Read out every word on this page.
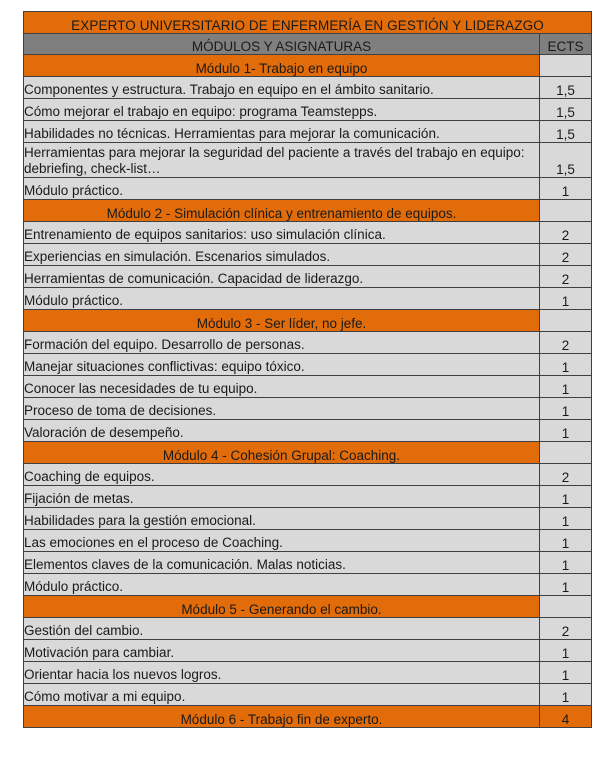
EXPERTO UNIVERSITARIO DE ENFERMERÍA EN GESTIÓN Y LIDERAZGO	
MÓDULOS Y ASIGNATURAS	ECTS
Módulo 1- Trabajo en equipo	
Componentes y estructura. Trabajo en equipo en el ámbito sanitario.	1,5
Cómo mejorar el trabajo en equipo: programa Teamstepps.	1,5
Habilidades no técnicas. Herramientas para mejorar la comunicación.	1,5
Herramientas para mejorar la seguridad del paciente a través del trabajo en equipo: debriefing, check-list…	1,5
Módulo práctico.	1
Módulo 2 - Simulación clínica y entrenamiento de equipos.	
Entrenamiento de equipos sanitarios: uso simulación clínica.	2
Experiencias en simulación. Escenarios simulados.	2
Herramientas de comunicación. Capacidad de liderazgo.	2
Módulo práctico.	1
Módulo 3 - Ser líder, no jefe.	
Formación del equipo. Desarrollo de personas.	2
Manejar situaciones conflictivas: equipo tóxico.	1
Conocer las necesidades de tu equipo.	1
Proceso de toma de decisiones.	1
Valoración de desempeño.	1
Módulo 4 - Cohesión Grupal: Coaching.	
Coaching de equipos.	2
Fijación de metas.	1
Habilidades para la gestión emocional.	1
Las emociones en el proceso de Coaching.	1
Elementos claves de la comunicación. Malas noticias.	1
Módulo práctico.	1
Módulo 5 - Generando el cambio.	
Gestión del cambio.	2
Motivación para cambiar.	1
Orientar hacia los nuevos logros.	1
Cómo motivar a mi equipo.	1
Módulo 6 - Trabajo fin de experto.	4
